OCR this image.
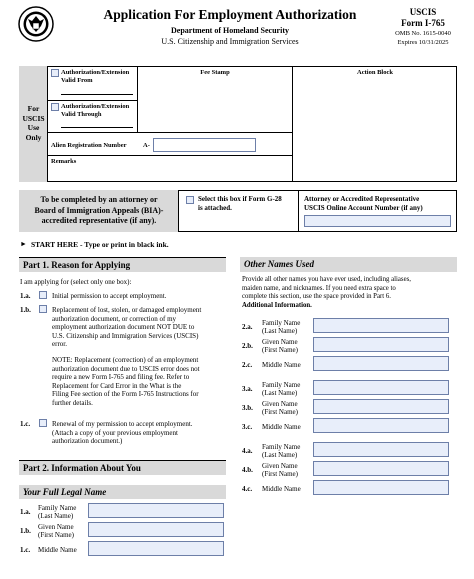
Application For Employment Authorization
Department of Homeland Security
U.S. Citizenship and Immigration Services
USCIS
Form I-765
OMB No. 1615-0040
Expires 10/31/2025
For
USCIS
Use
Only
Authorization/Extension
Valid From
Authorization/Extension
Valid Through
Fee Stamp	Action Block
Alien Registration Number	A-
Remarks
To be completed by an attorney or
Board of Immigration Appeals (BIA)-
accredited representative (if any).
Select this box if Form G-28
is attached.
Attorney or Accredited Representative
USCIS Online Account Number (if any)
► START HERE - Type or print in black ink.
Part 1. Reason for Applying
I am applying for (select only one box):
1.a.	Initial permission to accept employment.
1.b.	Replacement of lost, stolen, or damaged employment
authorization document, or correction of my
employment authorization document NOT DUE to
U.S. Citizenship and Immigration Services (USCIS)
error.
NOTE: Replacement (correction) of an employment
authorization document due to USCIS error does not
require a new Form I-765 and filing fee. Refer to
Replacement for Card Error in the What is the
Filing Fee section of the Form I-765 Instructions for
further details.
1.c.	Renewal of my permission to accept employment.
(Attach a copy of your previous employment
authorization document.)
Part 2. Information About You
Your Full Legal Name
1.a. Family Name
(Last Name)
1.b. Given Name
(First Name)
1.c. Middle Name
Other Names Used
Provide all other names you have ever used, including aliases,
maiden name, and nicknames. If you need extra space to
complete this section, use the space provided in Part 6.
Additional Information.
2.a. Family Name
(Last Name)
2.b. Given Name
(First Name)
2.c. Middle Name
3.a. Family Name
(Last Name)
3.b. Given Name
(First Name)
3.c. Middle Name
4.a. Family Name
(Last Name)
4.b. Given Name
(First Name)
4.c. Middle Name
